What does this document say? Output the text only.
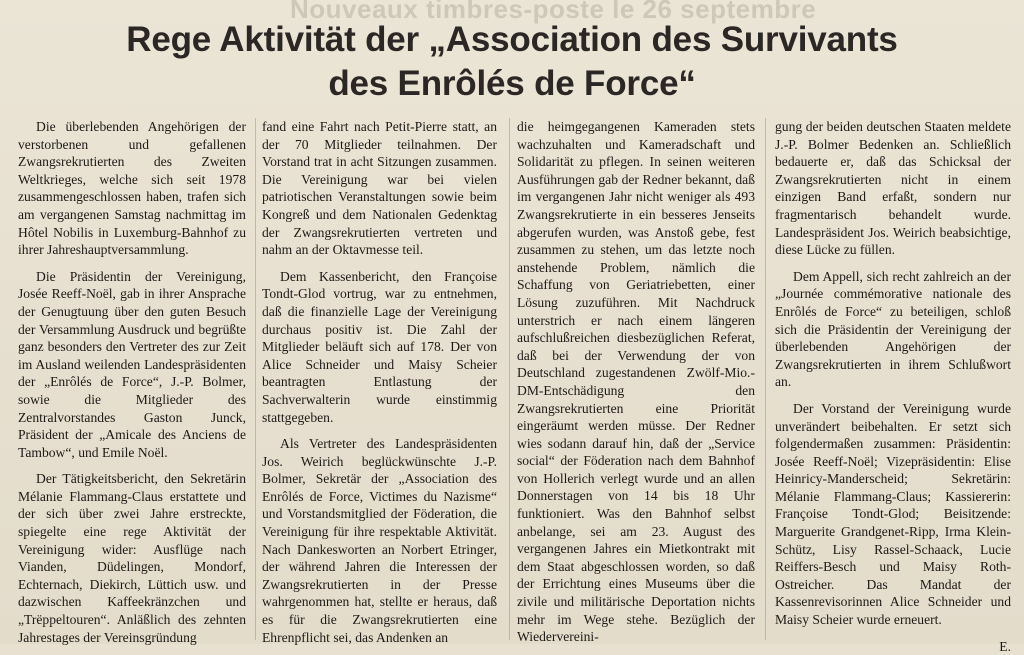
Nouveaux timbres-poste le 26 septembre
Rege Aktivität der „Association des Survivants
des Enrôlés de Force“

Die überlebenden Angehörigen der verstorbenen und gefallenen Zwangsrekrutierten des Zweiten Weltkrieges, welche sich seit 1978 zusammengeschlossen haben, trafen sich am vergangenen Samstag nachmittag im Hôtel Nobilis in Luxemburg-Bahnhof zu ihrer Jahreshauptversammlung.

Die Präsidentin der Vereinigung, Josée Reeff-Noël, gab in ihrer Ansprache der Genugtuung über den guten Besuch der Versammlung Ausdruck und begrüßte ganz besonders den Vertreter des zur Zeit im Ausland weilenden Landespräsidenten der „Enrôlés de Force“, J.-P. Bolmer, sowie die Mitglieder des Zentralvorstandes Gaston Junck, Präsident der „Amicale des Anciens de Tambow“, und Emile Noël.

Der Tätigkeitsbericht, den Sekretärin Mélanie Flammang-Claus erstattete und der sich über zwei Jahre erstreckte, spiegelte eine rege Aktivität der Vereinigung wider: Ausflüge nach Vianden, Düdelingen, Mondorf, Echternach, Diekirch, Lüttich usw. und dazwischen Kaffeekränzchen und „Trëppeltouren“. Anläßlich des zehnten Jahrestages der Vereinsgründung

fand eine Fahrt nach Petit-Pierre statt, an der 70 Mitglieder teilnahmen. Der Vorstand trat in acht Sitzungen zusammen. Die Vereinigung war bei vielen patriotischen Veranstaltungen sowie beim Kongreß und dem Nationalen Gedenktag der Zwangsrekrutierten vertreten und nahm an der Oktavmesse teil.

Dem Kassenbericht, den Françoise Tondt-Glod vortrug, war zu entnehmen, daß die finanzielle Lage der Vereinigung durchaus positiv ist. Die Zahl der Mitglieder beläuft sich auf 178. Der von Alice Schneider und Maisy Scheier beantragten Entlastung der Sachverwalterin wurde einstimmig stattgegeben.

Als Vertreter des Landespräsidenten Jos. Weirich beglückwünschte J.-P. Bolmer, Sekretär der „Association des Enrôlés de Force, Victimes du Nazisme“ und Vorstandsmitglied der Föderation, die Vereinigung für ihre respektable Aktivität. Nach Dankesworten an Norbert Etringer, der während Jahren die Interessen der Zwangsrekrutierten in der Presse wahrgenommen hat, stellte er heraus, daß es für die Zwangsrekrutierten eine Ehrenpflicht sei, das Andenken an

die heimgegangenen Kameraden stets wachzuhalten und Kameradschaft und Solidarität zu pflegen. In seinen weiteren Ausführungen gab der Redner bekannt, daß im vergangenen Jahr nicht weniger als 493 Zwangsrekrutierte in ein besseres Jenseits abgerufen wurden, was Anstoß gebe, fest zusammen zu stehen, um das letzte noch anstehende Problem, nämlich die Schaffung von Geriatriebetten, einer Lösung zuzuführen. Mit Nachdruck unterstrich er nach einem längeren aufschlußreichen diesbezüglichen Referat, daß bei der Verwendung der von Deutschland zugestandenen Zwölf-Mio.-DM-Entschädigung den Zwangsrekrutierten eine Priorität eingeräumt werden müsse. Der Redner wies sodann darauf hin, daß der „Service social“ der Föderation nach dem Bahnhof von Hollerich verlegt wurde und an allen Donnerstagen von 14 bis 18 Uhr funktioniert. Was den Bahnhof selbst anbelange, sei am 23. August des vergangenen Jahres ein Mietkontrakt mit dem Staat abgeschlossen worden, so daß der Errichtung eines Museums über die zivile und militärische Deportation nichts mehr im Wege stehe. Bezüglich der Wiedervereini-

gung der beiden deutschen Staaten meldete J.-P. Bolmer Bedenken an. Schließlich bedauerte er, daß das Schicksal der Zwangsrekrutierten nicht in einem einzigen Band erfaßt, sondern nur fragmentarisch behandelt wurde. Landespräsident Jos. Weirich beabsichtige, diese Lücke zu füllen.

Dem Appell, sich recht zahlreich an der „Journée commémorative nationale des Enrôlés de Force“ zu beteiligen, schloß sich die Präsidentin der Vereinigung der überlebenden Angehörigen der Zwangsrekrutierten in ihrem Schlußwort an.

Der Vorstand der Vereinigung wurde unverändert beibehalten. Er setzt sich folgendermaßen zusammen: Präsidentin: Josée Reeff-Noël; Vizepräsidentin: Elise Heinricy-Manderscheid; Sekretärin: Mélanie Flammang-Claus; Kassiererin: Françoise Tondt-Glod; Beisitzende: Marguerite Grandgenet-Ripp, Irma Klein-Schütz, Lisy Rassel-Schaack, Lucie Reiffers-Besch und Maisy Roth-Ostreicher. Das Mandat der Kassenrevisorinnen Alice Schneider und Maisy Scheier wurde erneuert.

E.
